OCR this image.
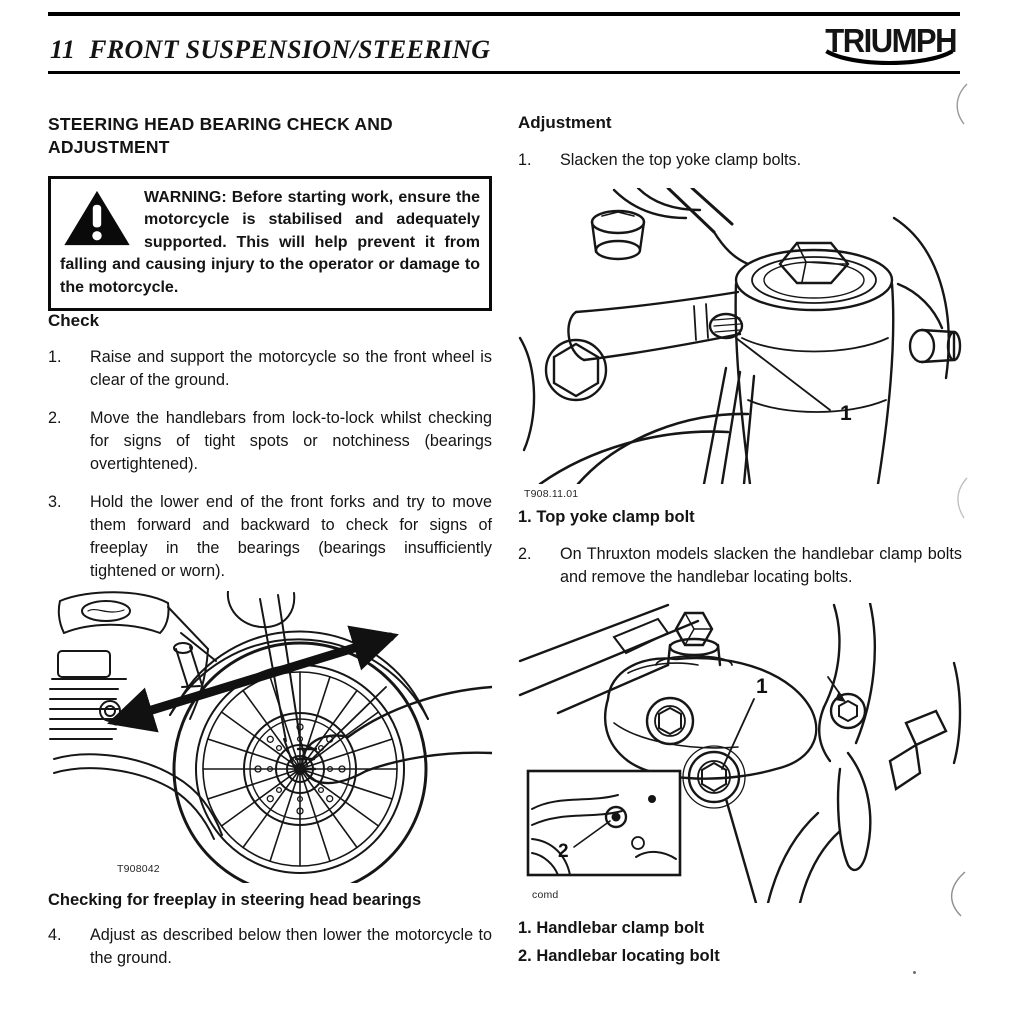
11 FRONT SUSPENSION/STEERING	TRIUMPH
STEERING HEAD BEARING CHECK AND ADJUSTMENT

WARNING: Before starting work, ensure the motorcycle is stabilised and adequately supported. This will help prevent it from falling and causing injury to the operator or damage to the motorcycle.

Check
1.	Raise and support the motorcycle so the front wheel is clear of the ground.
2.	Move the handlebars from lock-to-lock whilst checking for signs of tight spots or notchiness (bearings overtightened).
3.	Hold the lower end of the front forks and try to move them forward and backward to check for signs of freeplay in the bearings (bearings insufficiently tightened or worn).
T908042
Checking for freeplay in steering head bearings
4.	Adjust as described below then lower the motorcycle to the ground.
Adjustment
1.	Slacken the top yoke clamp bolts.
1
T908.11.01
1. Top yoke clamp bolt
2.	On Thruxton models slacken the handlebar clamp bolts and remove the handlebar locating bolts.
1
2
comd
1. Handlebar clamp bolt
2. Handlebar locating bolt
